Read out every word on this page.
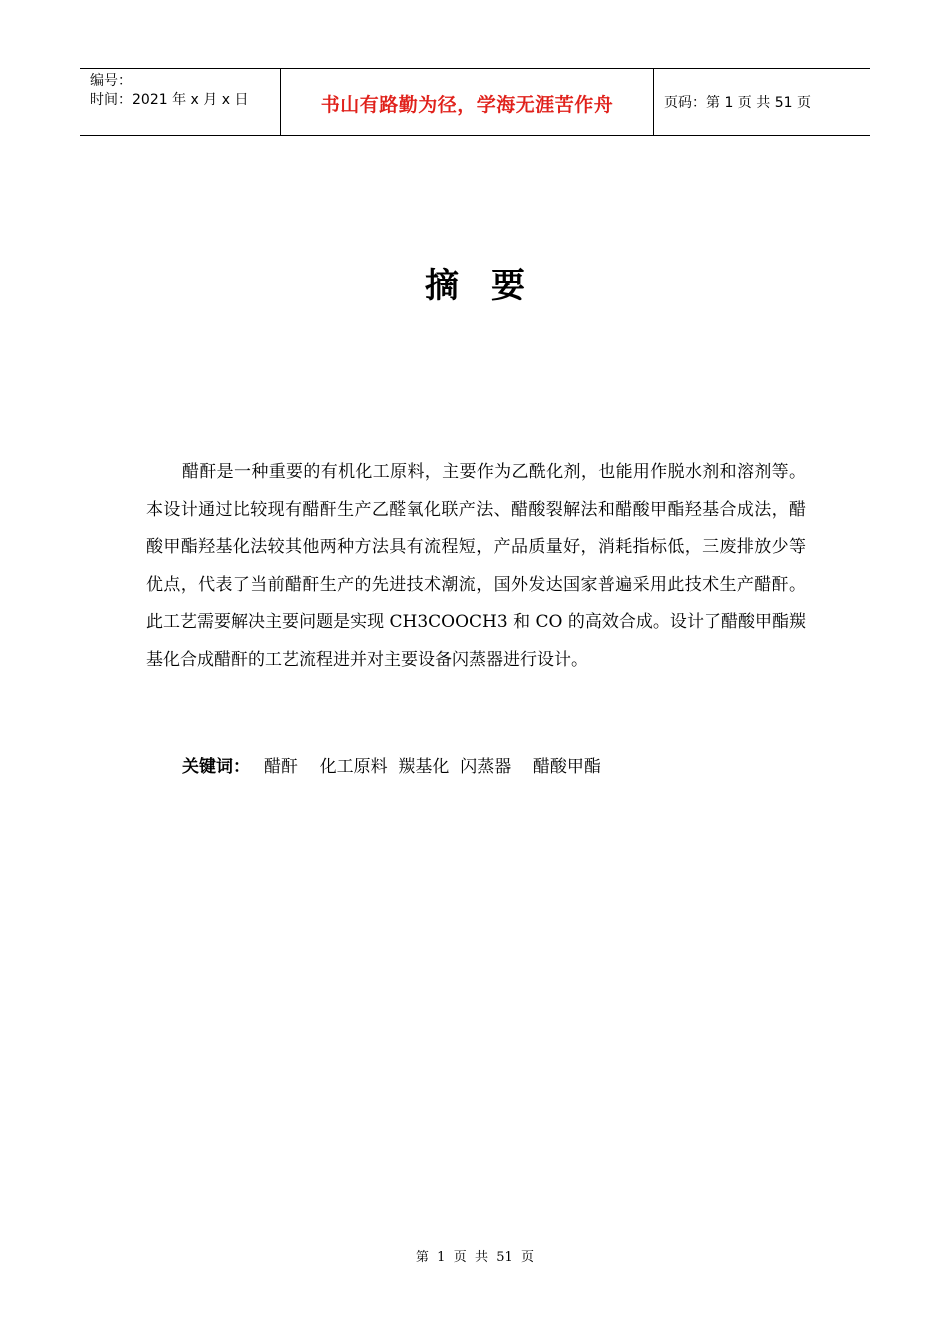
编号：
时间：2021 年 x 月 x 日	书山有路勤为径，学海无涯苦作舟	页码：第 1 页 共 51 页
摘要

醋酐是一种重要的有机化工原料，主要作为乙酰化剂，也能用作脱水剂和溶剂等。本设计通过比较现有醋酐生产乙醛氧化联产法、醋酸裂解法和醋酸甲酯羟基合成法，醋酸甲酯羟基化法较其他两种方法具有流程短，产品质量好，消耗指标低，三废排放少等优点，代表了当前醋酐生产的先进技术潮流，国外发达国家普遍采用此技术生产醋酐。此工艺需要解决主要问题是实现 CH3COOCH3 和 CO 的高效合成。设计了醋酸甲酯羰基化合成醋酐的工艺流程进并对主要设备闪蒸器进行设计。

关键词： 醋酐    化工原料  羰基化  闪蒸器    醋酸甲酯
第  1  页  共  51  页
